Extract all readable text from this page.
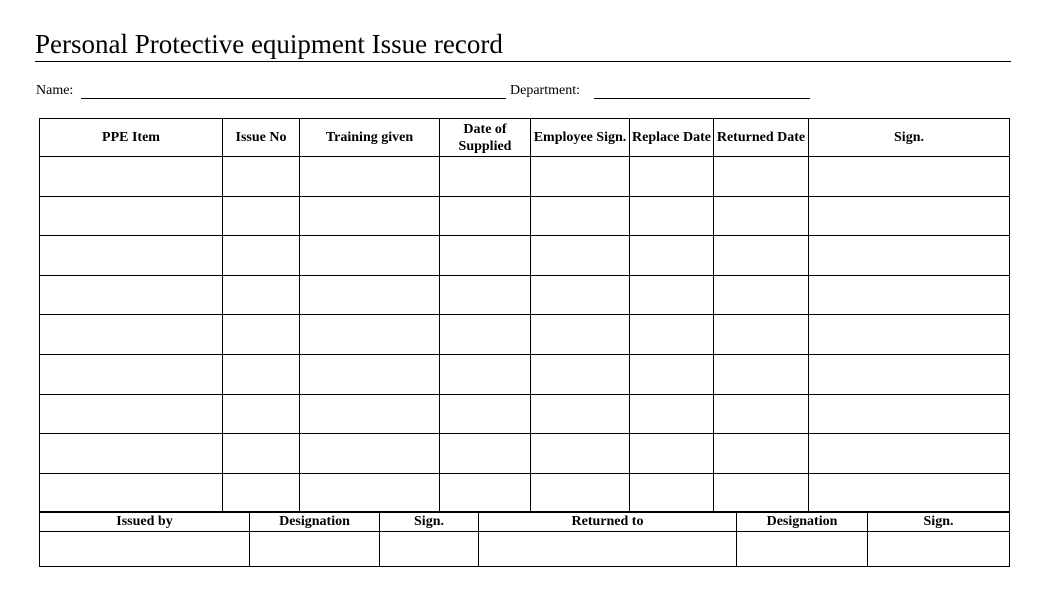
Personal Protective equipment Issue record
Name:	Department:
PPE Item	Issue No	Training given	Date of Supplied	Employee Sign.	Replace Date	Returned Date	Sign.

Issued by	Designation	Sign.	Returned to	Designation	Sign.
